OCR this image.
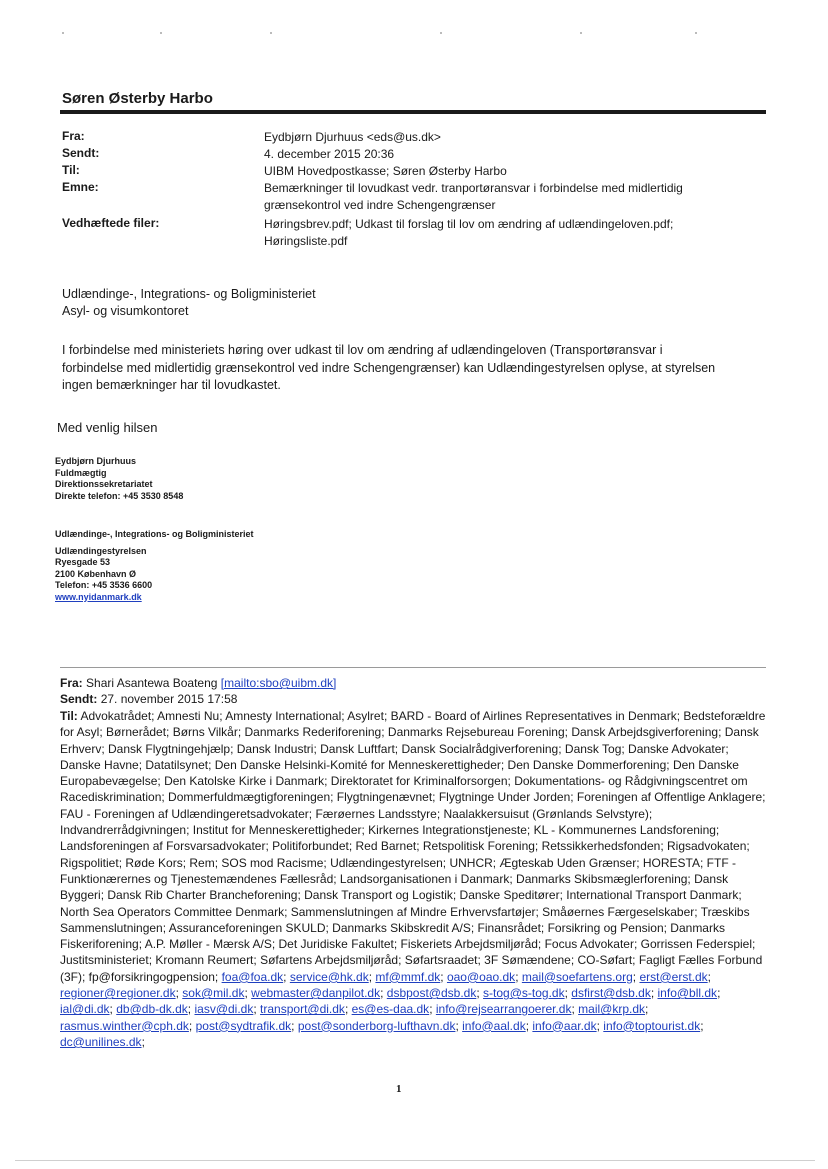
Søren Østerby Harbo
Fra:	Eydbjørn Djurhuus <eds@us.dk>
Sendt:	4. december 2015 20:36
Til:	UIBM Hovedpostkasse; Søren Østerby Harbo
Emne:	Bemærkninger til lovudkast vedr. tranportøransvar i forbindelse med midlertidig grænsekontrol ved indre Schengengrænser
Vedhæftede filer:	Høringsbrev.pdf; Udkast til forslag til lov om ændring af udlændingeloven.pdf; Høringsliste.pdf
Udlændinge-, Integrations- og Boligministeriet
Asyl- og visumkontoret
I forbindelse med ministeriets høring over udkast til lov om ændring af udlændingeloven (Transportøransvar i forbindelse med midlertidig grænsekontrol ved indre Schengengrænser) kan Udlændingestyrelsen oplyse, at styrelsen ingen bemærkninger har til lovudkastet.
Med venlig hilsen
Eydbjørn Djurhuus
Fuldmægtig
Direktionssekretariatet
Direkte telefon: +45 3530 8548
Udlændinge-, Integrations- og Boligministeriet
Udlændingestyrelsen
Ryesgade 53
2100 København Ø
Telefon: +45 3536 6600
www.nyidanmark.dk
Fra: Shari Asantewa Boateng [mailto:sbo@uibm.dk]
Sendt: 27. november 2015 17:58
Til: Advokatrådet; Amnesti Nu; Amnesty International; Asylret; BARD - Board of Airlines Representatives in Denmark; Bedsteforældre for Asyl; Børnerådet; Børns Vilkår; Danmarks Rederiforening; Danmarks Rejsebureau Forening; Dansk Arbejdsgiverforening; Dansk Erhverv; Dansk Flygtningehjælp; Dansk Industri; Dansk Luftfart; Dansk Socialrådgiverforening; Dansk Tog; Danske Advokater; Danske Havne; Datatilsynet; Den Danske Helsinki-Komité for Menneskerettigheder; Den Danske Dommerforening; Den Danske Europabevægelse; Den Katolske Kirke i Danmark; Direktoratet for Kriminalforsorgen; Dokumentations- og Rådgivningscentret om Racediskrimination; Dommerfuldmægtigforeningen; Flygtningenævnet; Flygtninge Under Jorden; Foreningen af Offentlige Anklagere; FAU - Foreningen af Udlændingeretsadvokater; Færøernes Landsstyre; Naalakkersuisut (Grønlands Selvstyre); Indvandrerrådgivningen; Institut for Menneskerettigheder; Kirkernes Integrationstjeneste; KL - Kommunernes Landsforening; Landsforeningen af Forsvarsadvokater; Politiforbundet; Red Barnet; Retspolitisk Forening; Retssikkerhedsfonden; Rigsadvokaten; Rigspolitiet; Røde Kors; Rem; SOS mod Racisme; Udlændingestyrelsen; UNHCR; Ægteskab Uden Grænser; HORESTA; FTF - Funktionærernes og Tjenestemændenes Fællesråd; Landsorganisationen i Danmark; Danmarks Skibsmæglerforening; Dansk Byggeri; Dansk Rib Charter Brancheforening; Dansk Transport og Logistik; Danske Speditører; International Transport Danmark; North Sea Operators Committee Denmark; Sammenslutningen af Mindre Erhvervsfartøjer; Småøernes Færgeselskaber; Træskibs Sammenslutningen; Assuranceforeningen SKULD; Danmarks Skibskredit A/S; Finansrådet; Forsikring og Pension; Danmarks Fiskeriforening; A.P. Møller - Mærsk A/S; Det Juridiske Fakultet; Fiskeriets Arbejdsmiljøråd; Focus Advokater; Gorrissen Federspiel; Justitsministeriet; Kromann Reumert; Søfartens Arbejdsmiljøråd; Søfartsraadet; 3F Sømændene; CO-Søfart; Fagligt Fælles Forbund (3F); fp@forsikringogpension; foa@foa.dk; service@hk.dk; mf@mmf.dk; oao@oao.dk; mail@soefartens.org; erst@erst.dk; regioner@regioner.dk; sok@mil.dk; webmaster@danpilot.dk; dsbpost@dsb.dk; s-tog@s-tog.dk; dsfirst@dsb.dk; info@bll.dk; ial@di.dk; db@db-dk.dk; iasv@di.dk; transport@di.dk; es@es-daa.dk; info@rejsearrangoerer.dk; mail@krp.dk; rasmus.winther@cph.dk; post@sydtrafik.dk; post@sonderborg-lufthavn.dk; info@aal.dk; info@aar.dk; info@toptourist.dk; dc@unilines.dk;
1
